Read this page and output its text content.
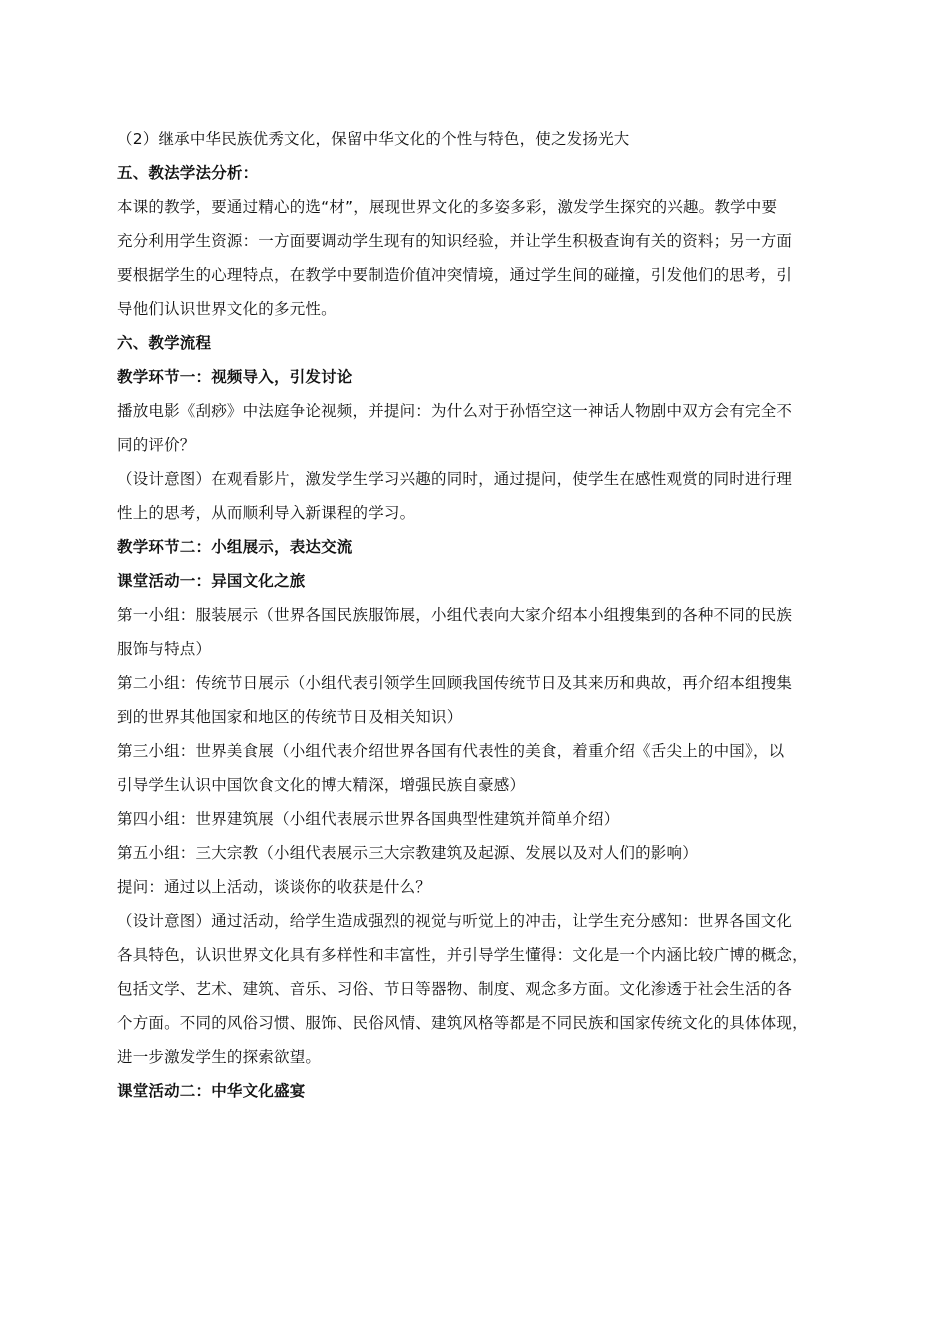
（2）继承中华民族优秀文化，保留中华文化的个性与特色，使之发扬光大
五、教法学法分析：
本课的教学，要通过精心的选“材”，展现世界文化的多姿多彩，激发学生探究的兴趣。教学中要
充分利用学生资源：一方面要调动学生现有的知识经验，并让学生积极查询有关的资料；另一方面
要根据学生的心理特点，在教学中要制造价值冲突情境，通过学生间的碰撞，引发他们的思考，引
导他们认识世界文化的多元性。
六、教学流程
教学环节一：视频导入，引发讨论
播放电影《刮痧》中法庭争论视频，并提问：为什么对于孙悟空这一神话人物剧中双方会有完全不
同的评价？
（设计意图）在观看影片，激发学生学习兴趣的同时，通过提问，使学生在感性观赏的同时进行理
性上的思考，从而顺利导入新课程的学习。
教学环节二：小组展示，表达交流
课堂活动一：异国文化之旅
第一小组：服装展示（世界各国民族服饰展，小组代表向大家介绍本小组搜集到的各种不同的民族
服饰与特点）
第二小组：传统节日展示（小组代表引领学生回顾我国传统节日及其来历和典故，再介绍本组搜集
到的世界其他国家和地区的传统节日及相关知识）
第三小组：世界美食展（小组代表介绍世界各国有代表性的美食，着重介绍《舌尖上的中国》，以
引导学生认识中国饮食文化的博大精深，增强民族自豪感）
第四小组：世界建筑展（小组代表展示世界各国典型性建筑并简单介绍）
第五小组：三大宗教（小组代表展示三大宗教建筑及起源、发展以及对人们的影响）
提问：通过以上活动，谈谈你的收获是什么？
（设计意图）通过活动，给学生造成强烈的视觉与听觉上的冲击，让学生充分感知：世界各国文化
各具特色，认识世界文化具有多样性和丰富性，并引导学生懂得：文化是一个内涵比较广博的概念，
包括文学、艺术、建筑、音乐、习俗、节日等器物、制度、观念多方面。文化渗透于社会生活的各
个方面。不同的风俗习惯、服饰、民俗风情、建筑风格等都是不同民族和国家传统文化的具体体现，
进一步激发学生的探索欲望。
课堂活动二：中华文化盛宴
